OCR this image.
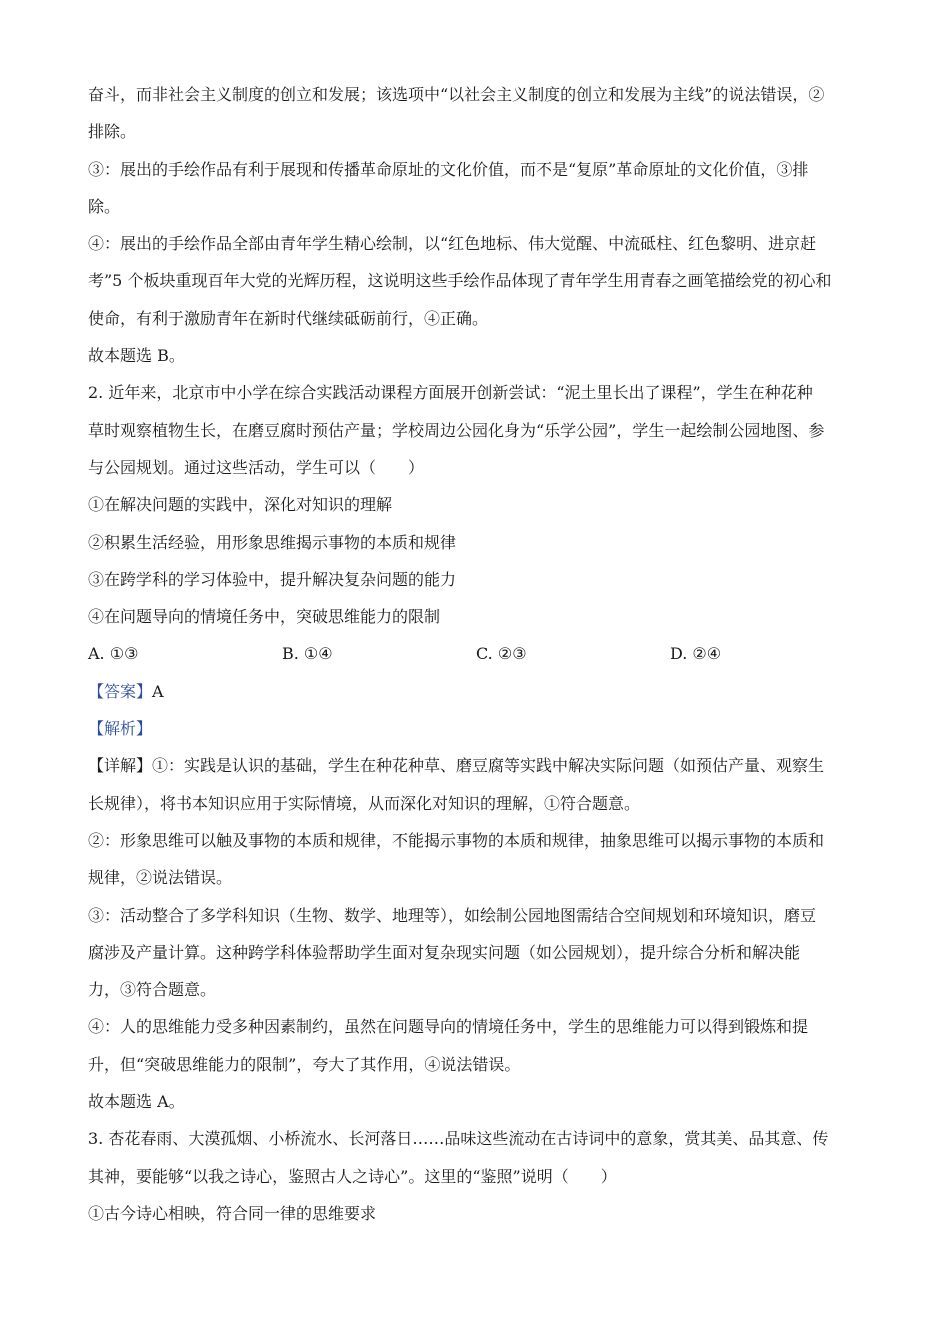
奋斗，而非社会主义制度的创立和发展；该选项中“以社会主义制度的创立和发展为主线”的说法错误，②
排除。
③：展出的手绘作品有利于展现和传播革命原址的文化价值，而不是“复原”革命原址的文化价值，③排
除。
④：展出的手绘作品全部由青年学生精心绘制，以“红色地标、伟大觉醒、中流砥柱、红色黎明、进京赶
考”5 个板块重现百年大党的光辉历程，这说明这些手绘作品体现了青年学生用青春之画笔描绘党的初心和
使命，有利于激励青年在新时代继续砥砺前行，④正确。
故本题选 B。
2. 近年来，北京市中小学在综合实践活动课程方面展开创新尝试：“泥土里长出了课程”，学生在种花种
草时观察植物生长，在磨豆腐时预估产量；学校周边公园化身为“乐学公园”，学生一起绘制公园地图、参
与公园规划。通过这些活动，学生可以（　　）
①在解决问题的实践中，深化对知识的理解
②积累生活经验，用形象思维揭示事物的本质和规律
③在跨学科的学习体验中，提升解决复杂问题的能力
④在问题导向的情境任务中，突破思维能力的限制
A. ①③	B. ①④	C. ②③	D. ②④
【答案】A
【解析】
【详解】①：实践是认识的基础，学生在种花种草、磨豆腐等实践中解决实际问题（如预估产量、观察生
长规律），将书本知识应用于实际情境，从而深化对知识的理解，①符合题意。
②：形象思维可以触及事物的本质和规律，不能揭示事物的本质和规律，抽象思维可以揭示事物的本质和
规律，②说法错误。
③：活动整合了多学科知识（生物、数学、地理等），如绘制公园地图需结合空间规划和环境知识，磨豆
腐涉及产量计算。这种跨学科体验帮助学生面对复杂现实问题（如公园规划），提升综合分析和解决能
力，③符合题意。
④：人的思维能力受多种因素制约，虽然在问题导向的情境任务中，学生的思维能力可以得到锻炼和提
升，但“突破思维能力的限制”，夸大了其作用，④说法错误。
故本题选 A。
3. 杏花春雨、大漠孤烟、小桥流水、长河落日……品味这些流动在古诗词中的意象，赏其美、品其意、传
其神，要能够“以我之诗心，鉴照古人之诗心”。这里的“鉴照”说明（　　）
①古今诗心相映，符合同一律的思维要求
